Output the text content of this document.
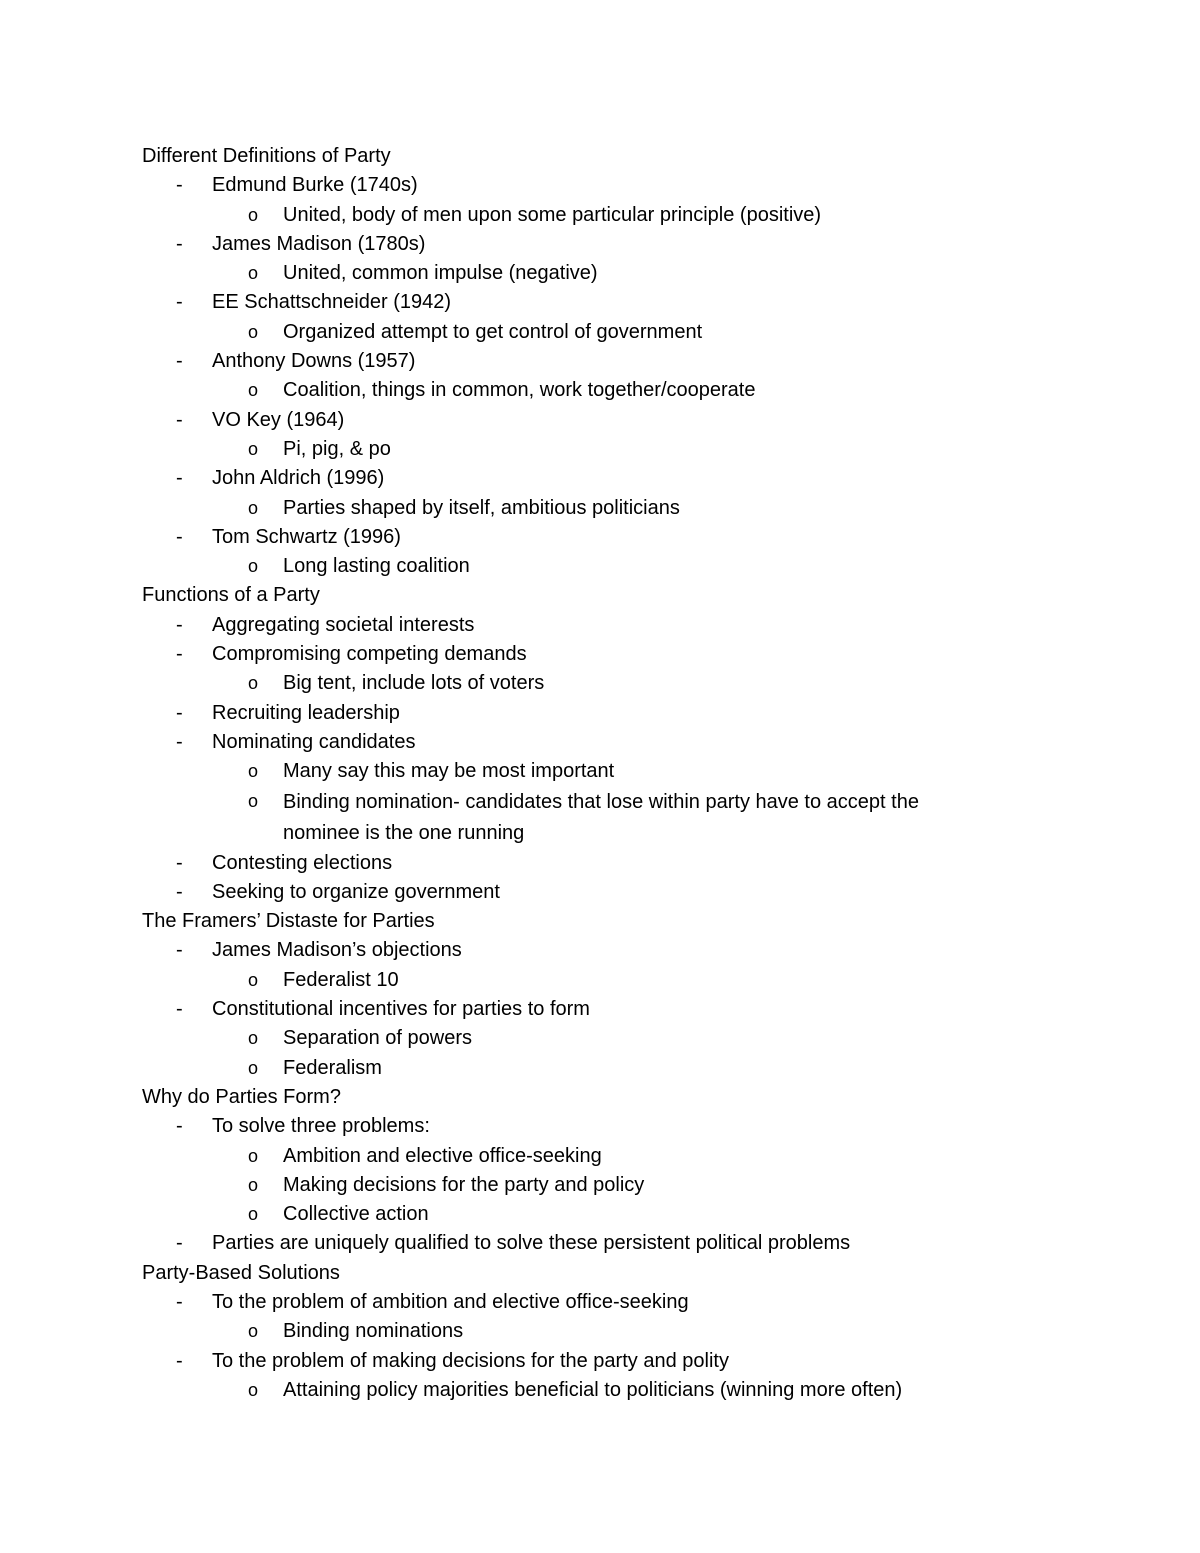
Different Definitions of Party
- Edmund Burke (1740s)
o United, body of men upon some particular principle (positive)
- James Madison (1780s)
o United, common impulse (negative)
- EE Schattschneider (1942)
o Organized attempt to get control of government
- Anthony Downs (1957)
o Coalition, things in common, work together/cooperate
- VO Key (1964)
o Pi, pig, & po
- John Aldrich (1996)
o Parties shaped by itself, ambitious politicians
- Tom Schwartz (1996)
o Long lasting coalition
Functions of a Party
- Aggregating societal interests
- Compromising competing demands
o Big tent, include lots of voters
- Recruiting leadership
- Nominating candidates
o Many say this may be most important
o Binding nomination- candidates that lose within party have to accept the nominee is the one running
- Contesting elections
- Seeking to organize government
The Framers’ Distaste for Parties
- James Madison’s objections
o Federalist 10
- Constitutional incentives for parties to form
o Separation of powers
o Federalism
Why do Parties Form?
- To solve three problems:
o Ambition and elective office-seeking
o Making decisions for the party and policy
o Collective action
- Parties are uniquely qualified to solve these persistent political problems
Party-Based Solutions
- To the problem of ambition and elective office-seeking
o Binding nominations
- To the problem of making decisions for the party and polity
o Attaining policy majorities beneficial to politicians (winning more often)
